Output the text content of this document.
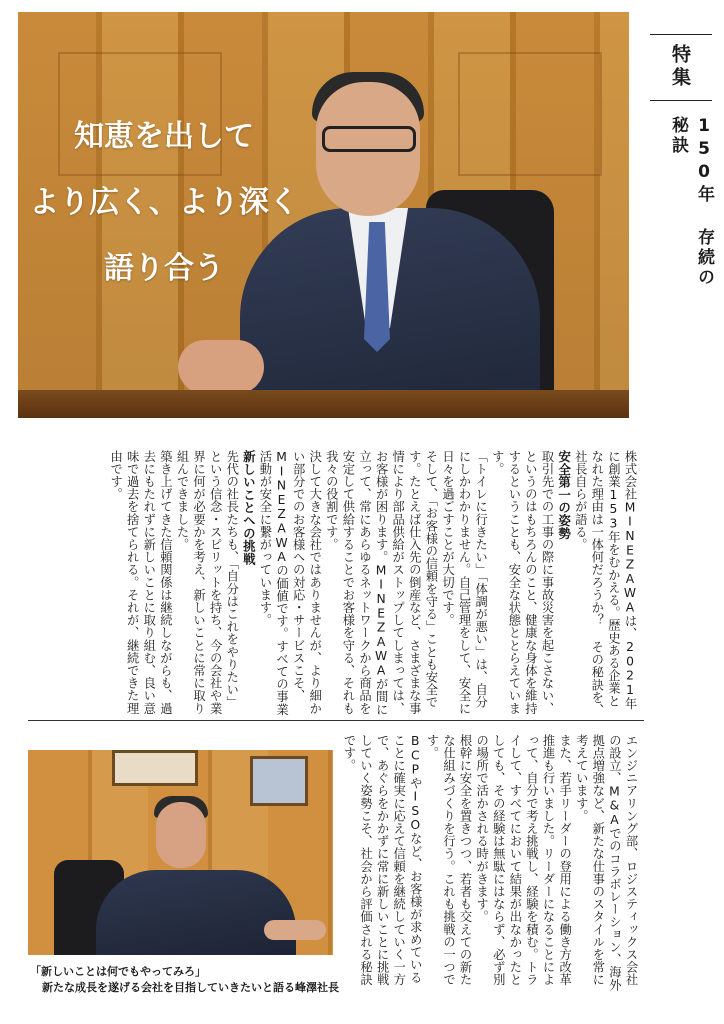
知恵を出して
より広く、より深く
語り合う
特集
150年 存続の秘訣

株式会社MINEZAWAは、2021年に創業153年をむかえる。歴史ある企業となれた理由は一体何だろうか？ その秘訣を、社長自らが語る。

安全第一の姿勢

取引先での工事の際に事故災害を起こさない、というのはもちろんのこと、健康な身体を維持するということも、安全な状態ととらえています。

「トイレに行きたい」「体調が悪い」は、自分にしかわかりません。自己管理をして、安全に日々を過ごすことが大切です。

そして、「お客様の信頼を守る」ことも安全です。たとえば仕入先の倒産など、さまざまな事情により部品供給がストップしてしまっては、お客様が困ります。MINEZAWAが間に立って、常にあらゆるネットワークから商品を安定して供給することでお客様を守る、それも我々の役割です。

決して大きな会社ではありませんが、より細かい部分でのお客様への対応・サービスこそ、MINEZAWAの価値です。すべての事業活動が安全に繋がっています。

新しいことへの挑戦

先代の社長たちも、「自分はこれをやりたい」という信念・スピリットを持ち、今の会社や業界に何が必要かを考え、新しいことに常に取り組んできました。

築き上げてきた信頼関係は継続しながらも、過去にもたれずに新しいことに取り組む、良い意味で過去を捨てられる。それが、継続できた理由です。

エンジニアリング部、ロジスティックス会社の設立、M&Aでのコラボレーション、海外拠点増強など、新たな仕事のスタイルを常に考えています。

また、若手リーダーの登用による働き方改革推進も行いました。リーダーになることによって、自分で考え挑戦し、経験を積む。トライして、すべてにおいて結果が出なかったとしても、その経験は無駄にはならず、必ず別の場所で活かされる時がきます。

根幹に安全を置きつつ、若者も交えての新たな仕組みづくりを行う。これも挑戦の一つです。

BCPやISOなど、お客様が求めていることに確実に応えて信頼を継続していく一方で、あぐらをかかずに常に新しいことに挑戦していく姿勢こそ、社会から評価される秘訣です。

「新しいことは何でもやってみろ」
新たな成長を遂げる会社を目指していきたいと語る峰澤社長
